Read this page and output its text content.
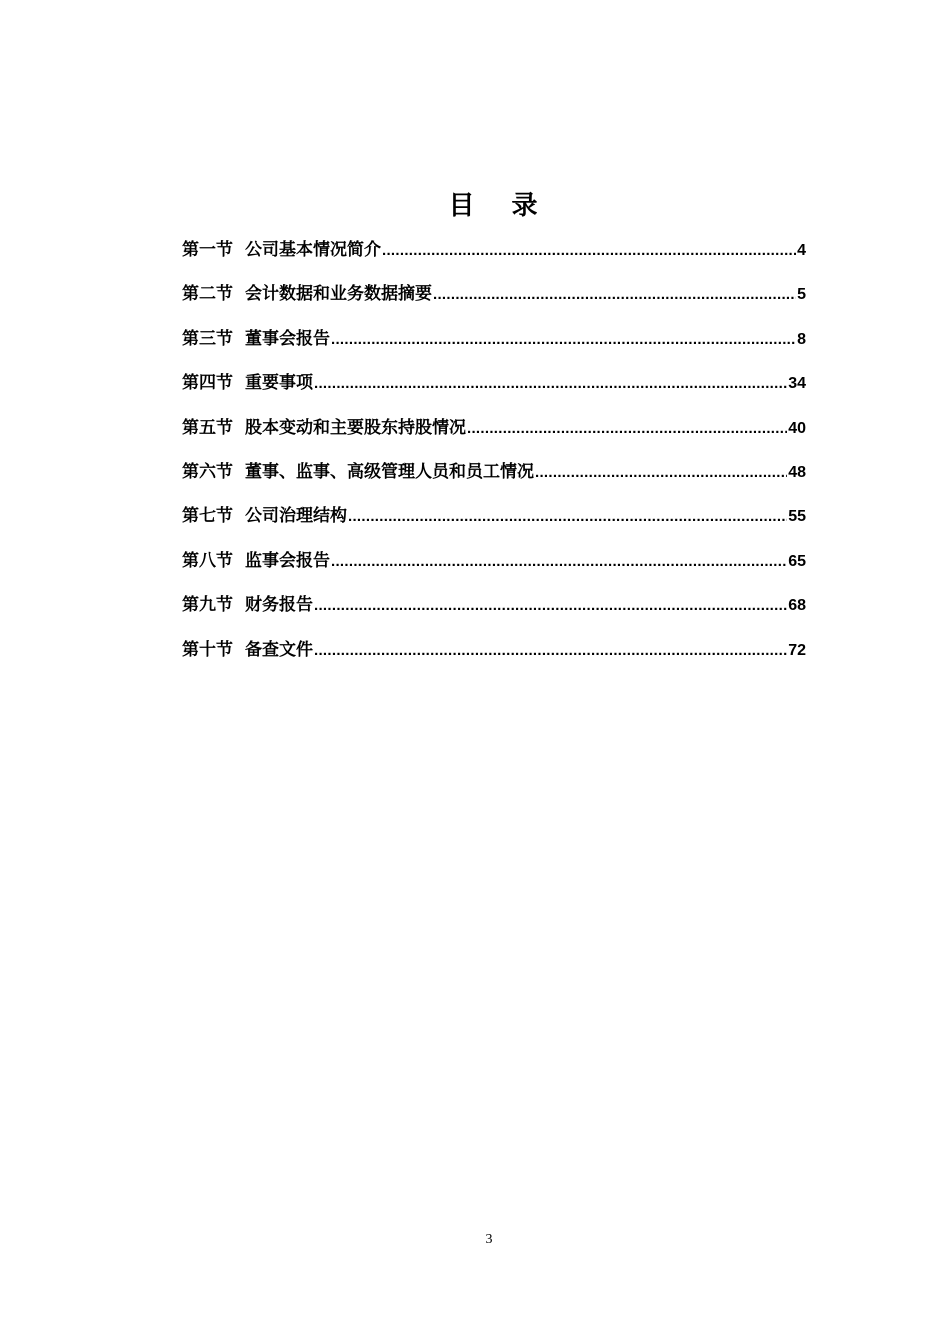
目 录
第一节 公司基本情况简介 .....	4
第二节 会计数据和业务数据摘要 .....	5
第三节 董事会报告 .....	8
第四节 重要事项 .....	34
第五节 股本变动和主要股东持股情况 .....	40
第六节 董事、监事、高级管理人员和员工情况 .....	48
第七节 公司治理结构 .....	55
第八节 监事会报告 .....	65
第九节 财务报告 .....	68
第十节 备查文件 .....	72
3
